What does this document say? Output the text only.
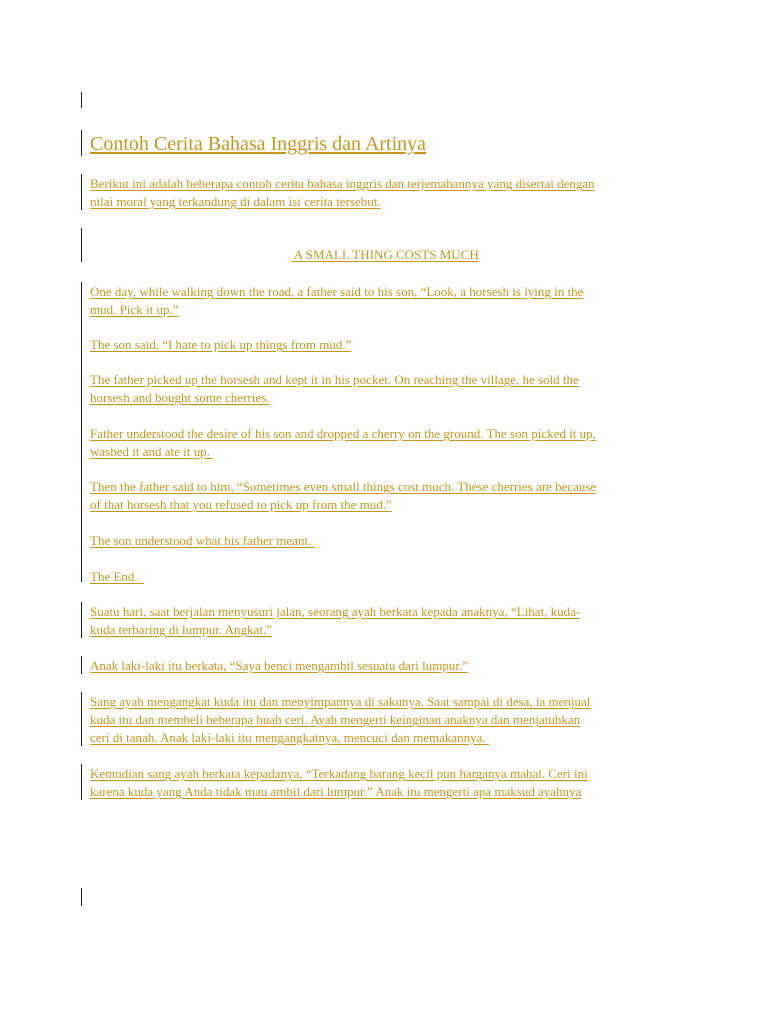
Contoh Cerita Bahasa Inggris dan Artinya
Berikut ini adalah beberapa contoh cerita bahasa inggris dan terjemahannya yang disertai dengan
nilai moral yang terkandung di dalam isi cerita tersebut.
A SMALL THING COSTS MUCH
One day, while walking down the road, a father said to his son, “Look, a horsesh is lying in the
mud. Pick it up.”
The son said, “I hate to pick up things from mud.”
The father picked up the horsesh and kept it in his pocket. On reaching the village, he sold the
horsesh and bought some cherries.
Father understood the desire of his son and dropped a cherry on the ground. The son picked it up,
washed it and ate it up.
Then the father said to him, “Sometimes even small things cost much. These cherries are because
of that horsesh that you refused to pick up from the mud.”
The son understood what his father meant.
The End.
Suatu hari, saat berjalan menyusuri jalan, seorang ayah berkata kepada anaknya, “Lihat, kuda-
kuda terbaring di lumpur. Angkat.”
Anak laki-laki itu berkata, “Saya benci mengambil sesuatu dari lumpur.”
Sang ayah mengangkat kuda itu dan menyimpannya di sakunya. Saat sampai di desa, ia menjual
kuda itu dan membeli beberapa buah ceri. Ayah mengerti keinginan anaknya dan menjatuhkan
ceri di tanah. Anak laki-laki itu mengangkatnya, mencuci dan memakannya.
Kemudian sang ayah berkata kepadanya, “Terkadang barang kecil pun harganya mahal. Ceri ini
karena kuda yang Anda tidak mau ambil dari lumpur.” Anak itu mengerti apa maksud ayahnya
